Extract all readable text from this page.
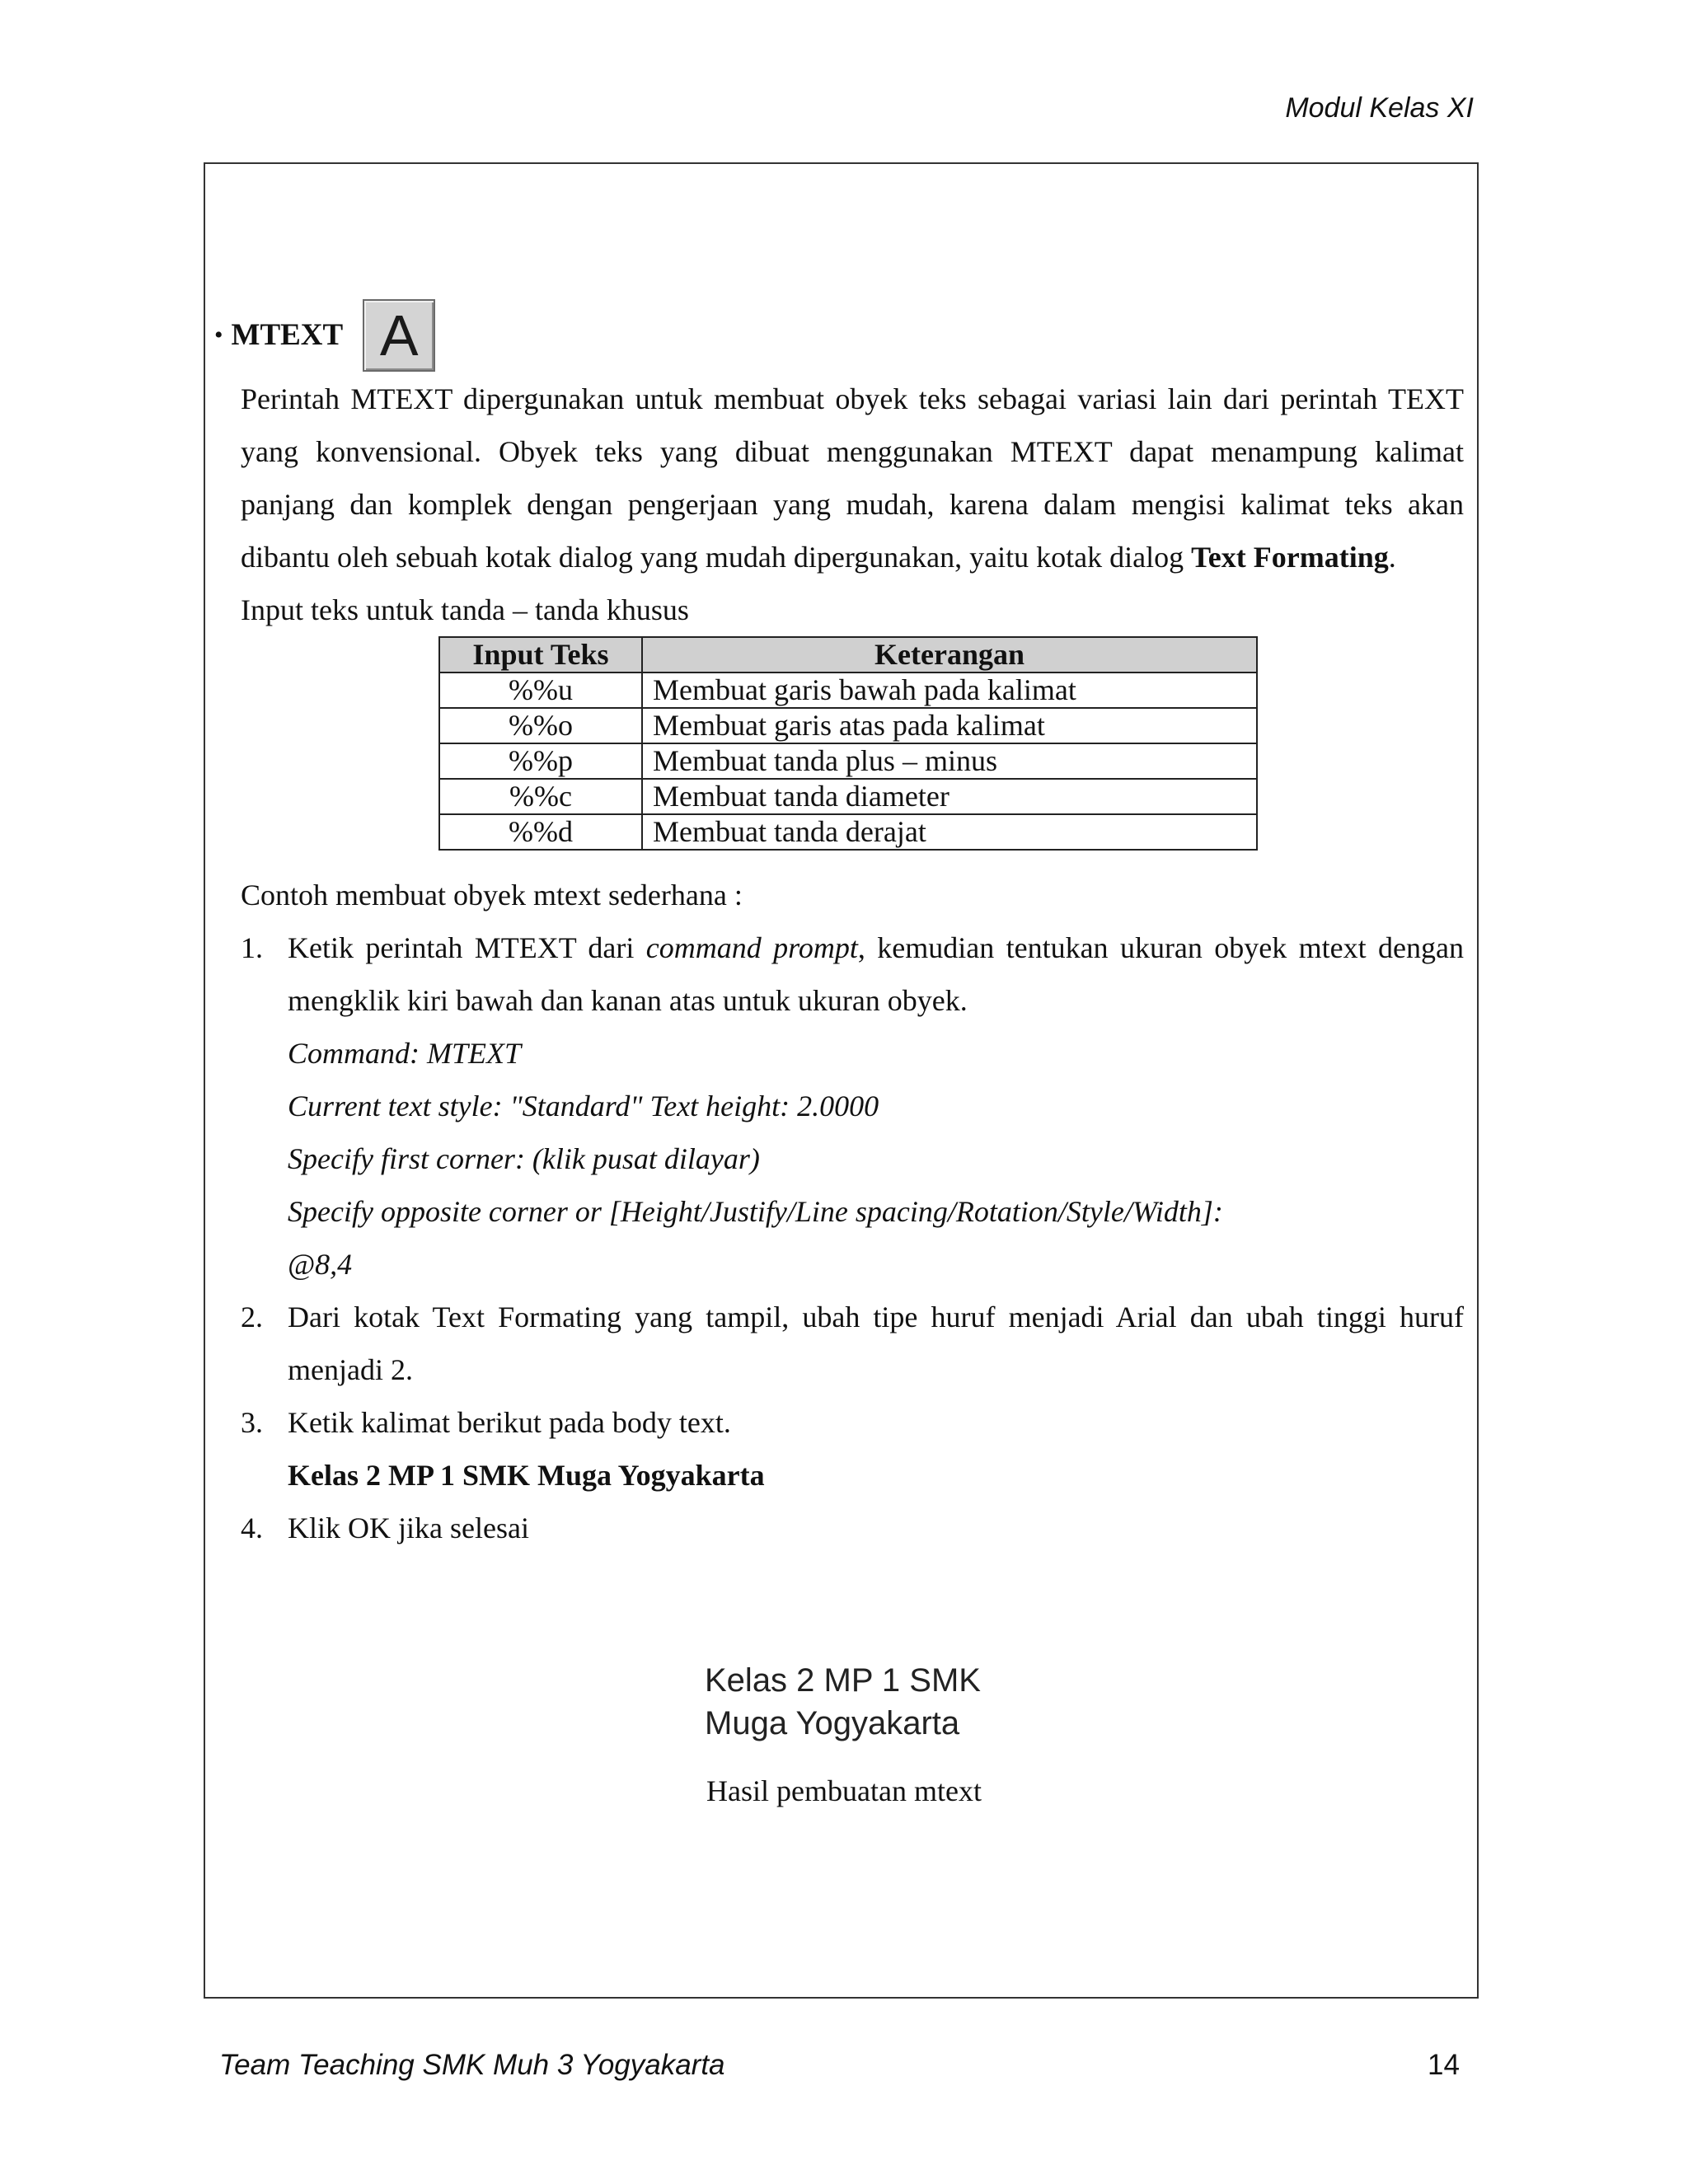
Modul Kelas XI
• MTEXT A

Perintah MTEXT dipergunakan untuk membuat obyek teks sebagai variasi lain dari perintah TEXT yang konvensional. Obyek teks yang dibuat menggunakan MTEXT dapat menampung kalimat panjang dan komplek dengan pengerjaan yang mudah, karena dalam mengisi kalimat teks akan dibantu oleh sebuah kotak dialog yang mudah dipergunakan, yaitu kotak dialog Text Formating.

Input teks untuk tanda – tanda khusus

Input Teks	Keterangan
%%u	Membuat garis bawah pada kalimat
%%o	Membuat garis atas pada kalimat
%%p	Membuat tanda plus – minus
%%c	Membuat tanda diameter
%%d	Membuat tanda derajat

Contoh membuat obyek mtext sederhana :

1. Ketik perintah MTEXT dari command prompt, kemudian tentukan ukuran obyek mtext dengan mengklik kiri bawah dan kanan atas untuk ukuran obyek.

Command: MTEXT

Current text style: "Standard" Text height: 2.0000

Specify first corner: (klik pusat dilayar)

Specify opposite corner or [Height/Justify/Line spacing/Rotation/Style/Width]:

@8,4

2. Dari kotak Text Formating yang tampil, ubah tipe huruf menjadi Arial dan ubah tinggi huruf menjadi 2.
3. Ketik kalimat berikut pada body text.

Kelas 2 MP 1 SMK Muga Yogyakarta

4. Klik OK jika selesai
Kelas 2 MP 1 SMK
Muga Yogyakarta
Hasil pembuatan mtext
Team Teaching SMK Muh 3 Yogyakarta	14
